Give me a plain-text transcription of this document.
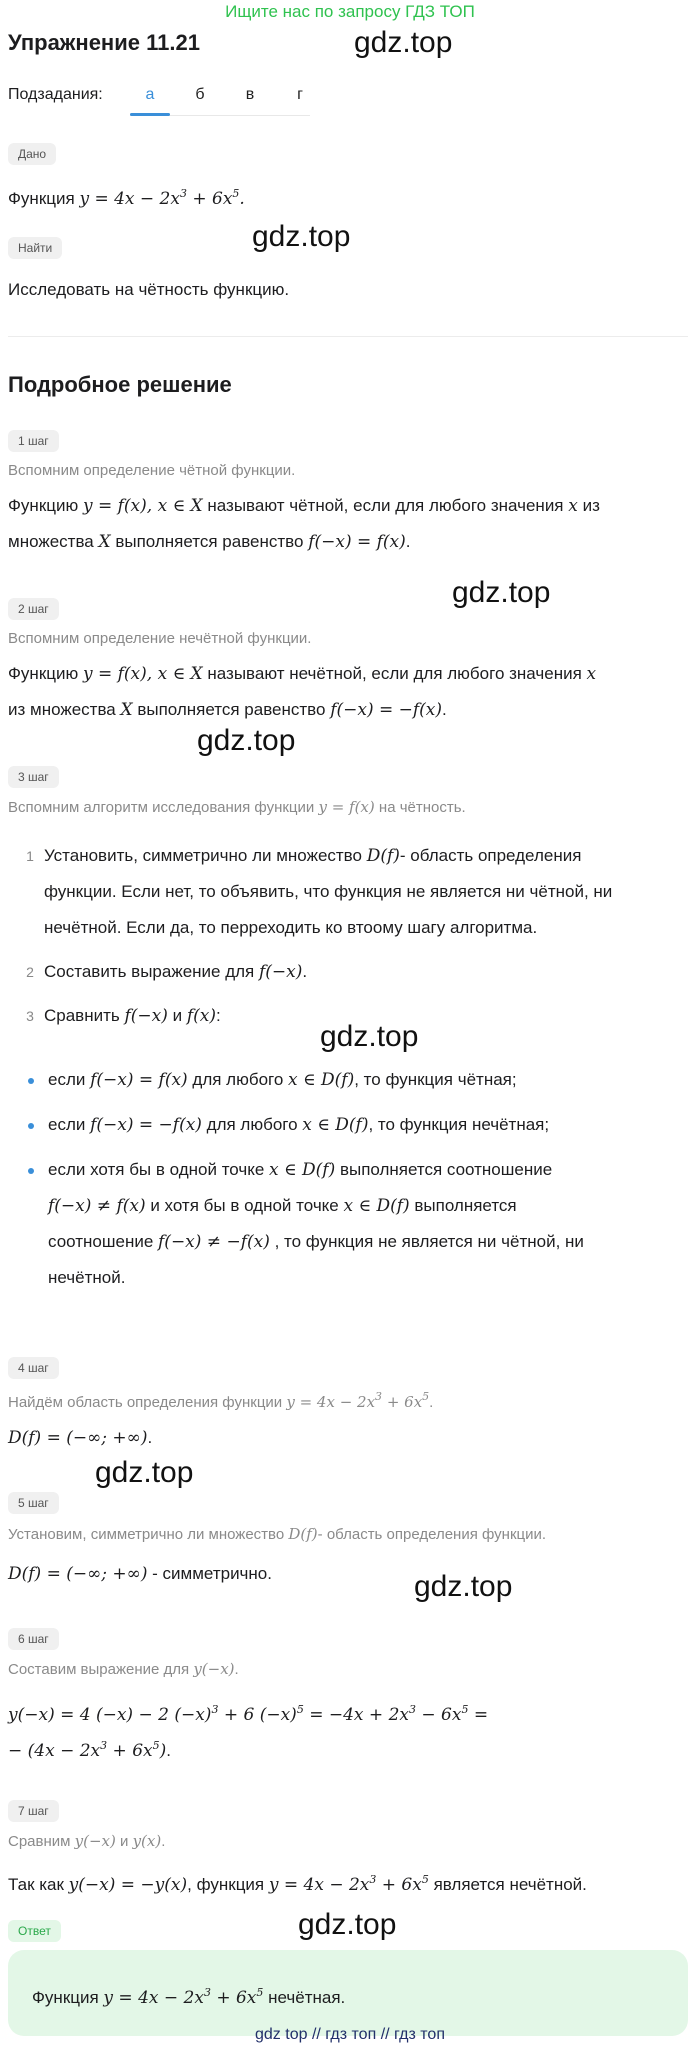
Ищите нас по запросу ГДЗ ТОП
Упражнение 11.21	gdz.top
Подзадания:	а	б	в	г
Дано
Функция $y = 4x - 2x^3 + 6x^5$.
Найти	gdz.top
Исследовать на чётность функцию.
Подробное решение
1 шаг
Вспомним определение чётной функции.
Функцию y = f(x), x ∈ X называют чётной, если для любого значения x из
множества X выполняется равенство f(−x) = f(x).
gdz.top
2 шаг
Вспомним определение нечётной функции.
Функцию y = f(x), x ∈ X называют нечётной, если для любого значения x
из множества X выполняется равенство f(−x) = −f(x).
gdz.top
3 шаг
Вспомним алгоритм исследования функции y = f(x) на чётность.
1 Установить, симметрично ли множество D(f)- область определения
функции. Если нет, то объявить, что функция не является ни чётной, ни
нечётной. Если да, то перреходить ко втоому шагу алгоритма.
2 Составить выражение для f(−x).
3 Сравнить f(−x) и f(x):
gdz.top
если f(−x) = f(x) для любого x ∈ D(f), то функция чётная;
если f(−x) = −f(x) для любого x ∈ D(f), то функция нечётная;
если хотя бы в одной точке x ∈ D(f) выполняется соотношение
f(−x) ≠ f(x) и хотя бы в одной точке x ∈ D(f) выполняется
соотношение f(−x) ≠ −f(x) , то функция не является ни чётной, ни
нечётной.
4 шаг
Найдём область определения функции $y = 4x - 2x^3 + 6x^5$.
D(f) = (−∞; +∞).
gdz.top
5 шаг
Установим, симметрично ли множество D(f)- область определения функции.
D(f) = (−∞; +∞) - симметрично.	gdz.top
6 шаг
Составим выражение для y(−x).
y(−x) = 4 (−x) − 2 $(-x)^3 + 6$ $(-x)^5 = -4x + 2x^3 - 6x^5$ =
− $(4x - 2x^3 + 6x^5)$.
7 шаг
Сравним y(−x) и y(x).
Так как y(−x) = −y(x), функция $y = 4x - 2x^3 + 6x^5$ является нечётной.
Ответ	gdz.top
Функция $y = 4x - 2x^3 + 6x^5$ нечётная.
gdz top // гдз топ // гдз топ
